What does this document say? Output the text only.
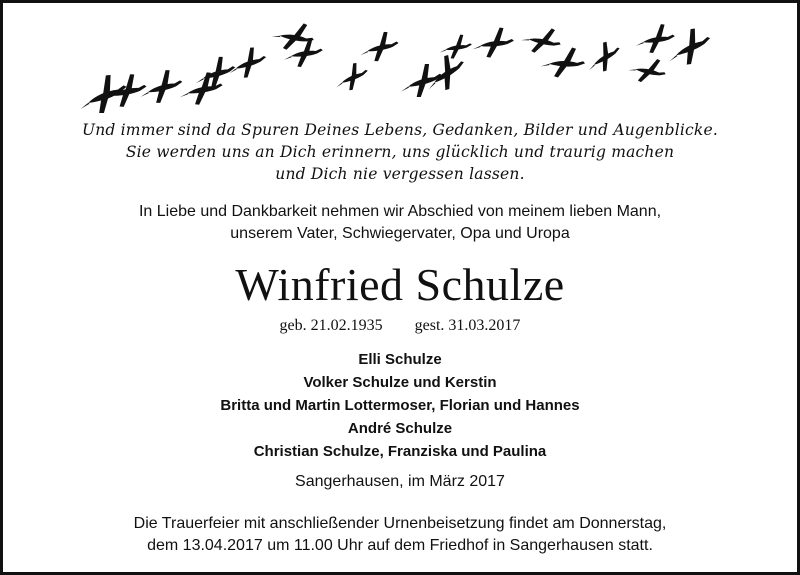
Und immer sind da Spuren Deines Lebens, Gedanken, Bilder und Augenblicke.
Sie werden uns an Dich erinnern, uns glücklich und traurig machen
und Dich nie vergessen lassen.
In Liebe und Dankbarkeit nehmen wir Abschied von meinem lieben Mann,
unserem Vater, Schwiegervater, Opa und Uropa
Winfried Schulze
geb. 21.02.1935 gest. 31.03.2017
Elli Schulze
Volker Schulze und Kerstin
Britta und Martin Lottermoser, Florian und Hannes
André Schulze
Christian Schulze, Franziska und Paulina
Sangerhausen, im März 2017
Die Trauerfeier mit anschließender Urnenbeisetzung findet am Donnerstag,
dem 13.04.2017 um 11.00 Uhr auf dem Friedhof in Sangerhausen statt.
